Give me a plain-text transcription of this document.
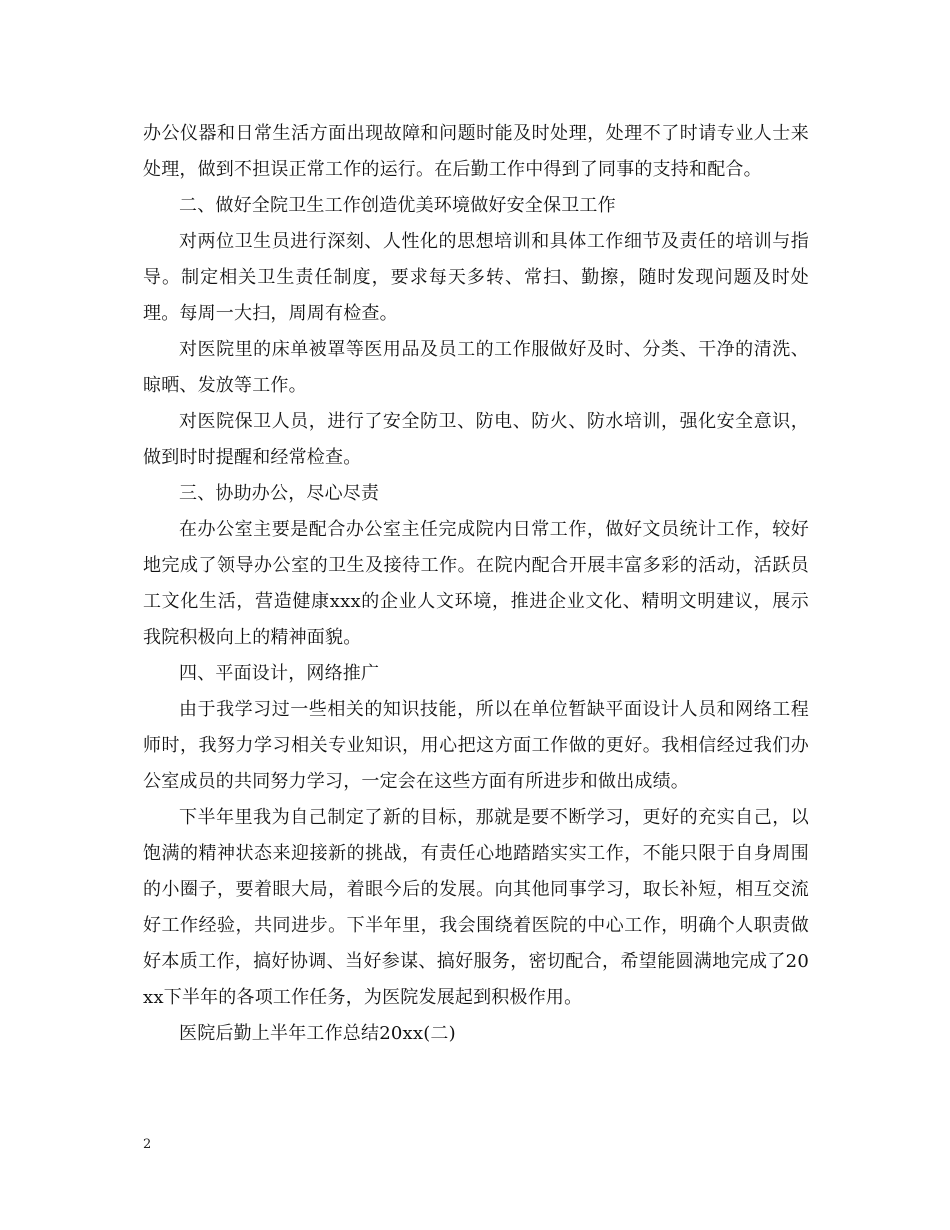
办公仪器和日常生活方面出现故障和问题时能及时处理，处理不了时请专业人士来处理，做到不担误正常工作的运行。在后勤工作中得到了同事的支持和配合。

二、做好全院卫生工作创造优美环境做好安全保卫工作

对两位卫生员进行深刻、人性化的思想培训和具体工作细节及责任的培训与指导。制定相关卫生责任制度，要求每天多转、常扫、勤擦，随时发现问题及时处理。每周一大扫，周周有检查。

对医院里的床单被罩等医用品及员工的工作服做好及时、分类、干净的清洗、晾晒、发放等工作。

对医院保卫人员，进行了安全防卫、防电、防火、防水培训，强化安全意识，做到时时提醒和经常检查。

三、协助办公，尽心尽责

在办公室主要是配合办公室主任完成院内日常工作，做好文员统计工作，较好地完成了领导办公室的卫生及接待工作。在院内配合开展丰富多彩的活动，活跃员工文化生活，营造健康xxx的企业人文环境，推进企业文化、精明文明建议，展示我院积极向上的精神面貌。

四、平面设计，网络推广

由于我学习过一些相关的知识技能，所以在单位暂缺平面设计人员和网络工程师时，我努力学习相关专业知识，用心把这方面工作做的更好。我相信经过我们办公室成员的共同努力学习，一定会在这些方面有所进步和做出成绩。

下半年里我为自己制定了新的目标，那就是要不断学习，更好的充实自己，以饱满的精神状态来迎接新的挑战，有责任心地踏踏实实工作，不能只限于自身周围的小圈子，要着眼大局，着眼今后的发展。向其他同事学习，取长补短，相互交流好工作经验，共同进步。下半年里，我会围绕着医院的中心工作，明确个人职责做好本质工作，搞好协调、当好参谋、搞好服务，密切配合，希望能圆满地完成了20xx下半年的各项工作任务，为医院发展起到积极作用。

医院后勤上半年工作总结20xx(二)

2
